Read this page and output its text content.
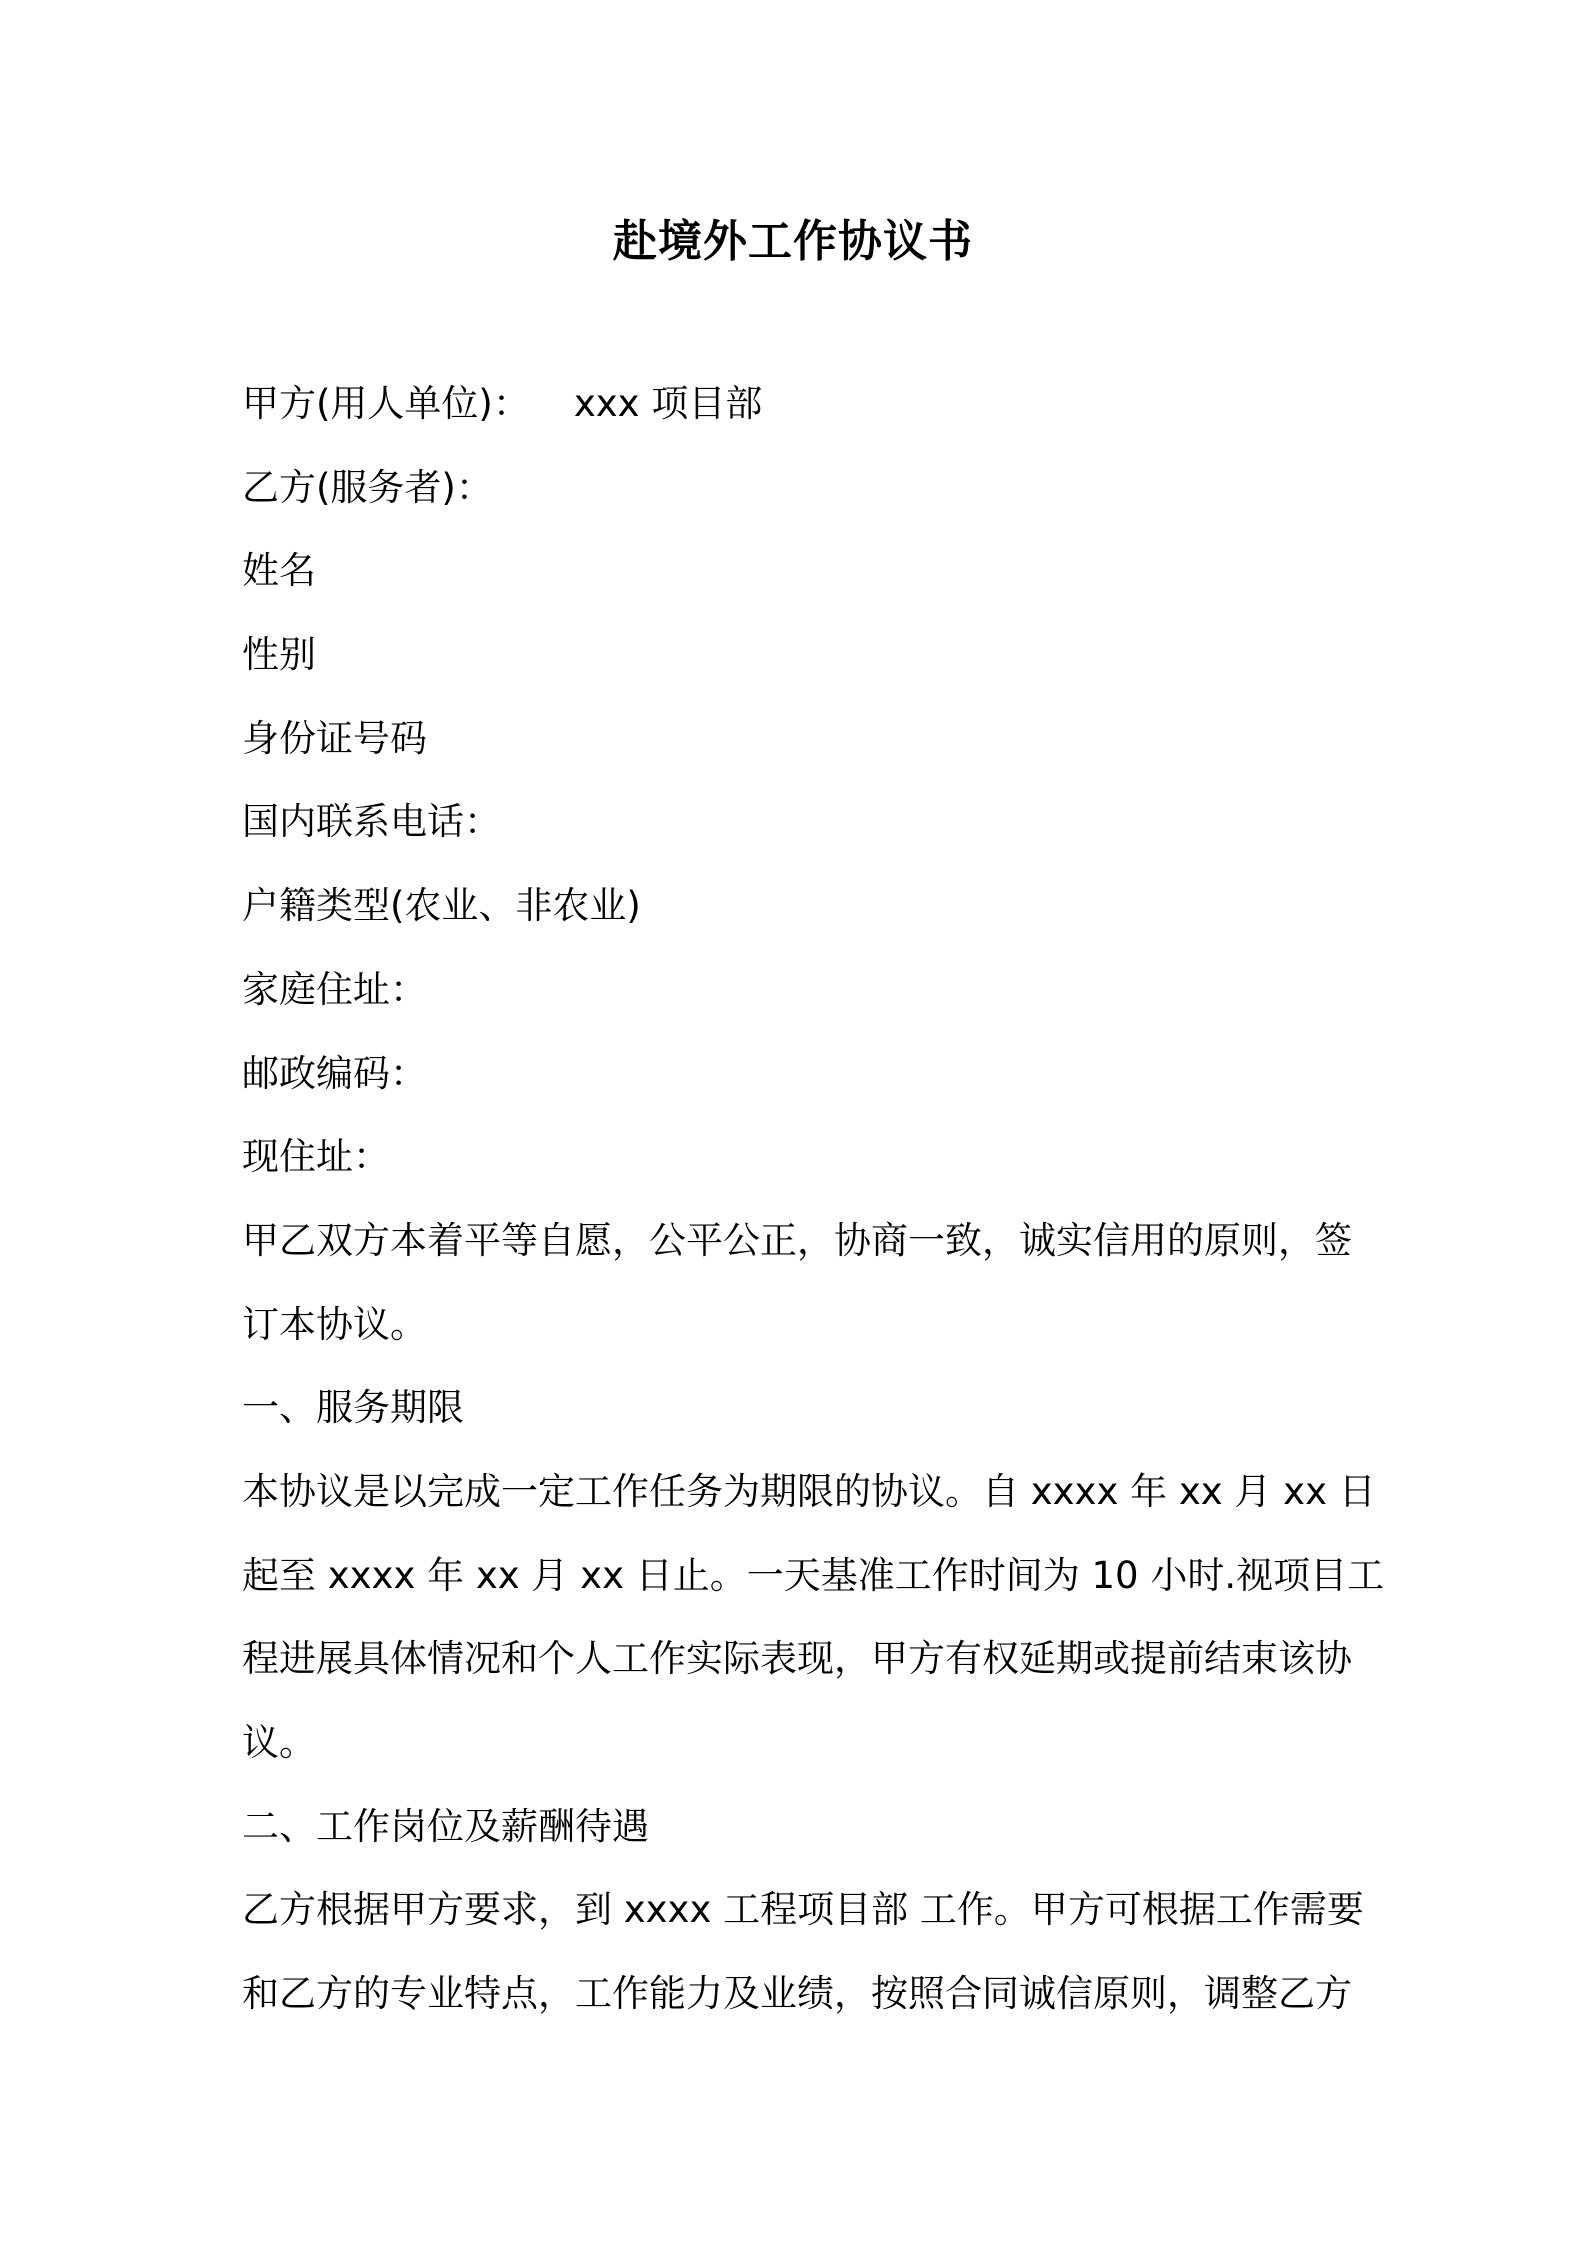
赴境外工作协议书

甲方(用人单位)： xxx 项目部

乙方(服务者)：

姓名

性别

身份证号码

国内联系电话：

户籍类型(农业、非农业)

家庭住址：

邮政编码：

现住址：

甲乙双方本着平等自愿，公平公正，协商一致，诚实信用的原则，签

订本协议。

一、服务期限

本协议是以完成一定工作任务为期限的协议。自 xxxx 年 xx 月 xx 日

起至 xxxx 年 xx 月 xx 日止。一天基准工作时间为 10 小时.视项目工

程进展具体情况和个人工作实际表现，甲方有权延期或提前结束该协

议。

二、工作岗位及薪酬待遇

乙方根据甲方要求，到 xxxx 工程项目部 工作。甲方可根据工作需要

和乙方的专业特点，工作能力及业绩，按照合同诚信原则，调整乙方
